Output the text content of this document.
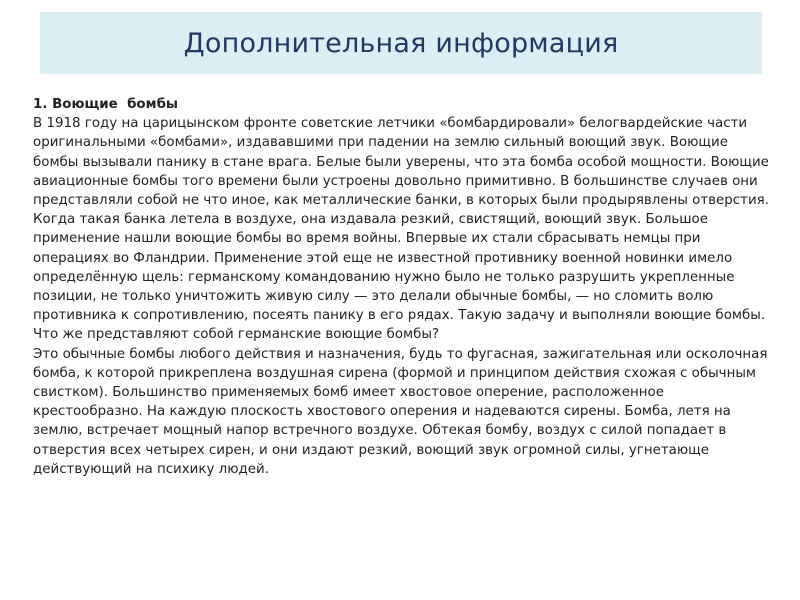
Дополнительная информация
1. Воющие  бомбы

В 1918 году на царицынском фронте советские летчики «бомбардировали» белогвардейские части оригинальными «бомбами», издававшими при падении на землю сильный воющий звук. Воющие бомбы вызывали панику в стане врага. Белые были уверены, что эта бомба особой мощности. Воющие авиационные бомбы того времени были устроены довольно примитивно. В большинстве случаев они представляли собой не что иное, как металлические банки, в которых были продырявлены отверстия. Когда такая банка летела в воздухе, она издавала резкий, свистящий, воющий звук. Большое применение нашли воющие бомбы во время войны. Впервые их стали сбрасывать немцы при операциях во Фландрии. Применение этой еще не известной противнику военной новинки имело определённую щель: германскому командованию нужно было не только разрушить укрепленные позиции, не только уничтожить живую силу — это делали обычные бомбы, — но сломить волю противника к сопротивлению, посеять панику в его рядах. Такую задачу и выполняли воющие бомбы.

Что же представляют собой германские воющие бомбы?

Это обычные бомбы любого действия и назначения, будь то фугасная, зажигательная или осколочная бомба, к которой прикреплена воздушная сирена (формой и принципом действия схожая с обычным свистком). Большинство применяемых бомб имеет хвостовое оперение, расположенное крестообразно. На каждую плоскость хвостового оперения и надеваются сирены. Бомба, летя на землю, встречает мощный напор встречного воздухе. Обтекая бомбу, воздух с силой попадает в отверстия всех четырех сирен, и они издают резкий, воющий звук огромной силы, угнетающе действующий на психику людей.
